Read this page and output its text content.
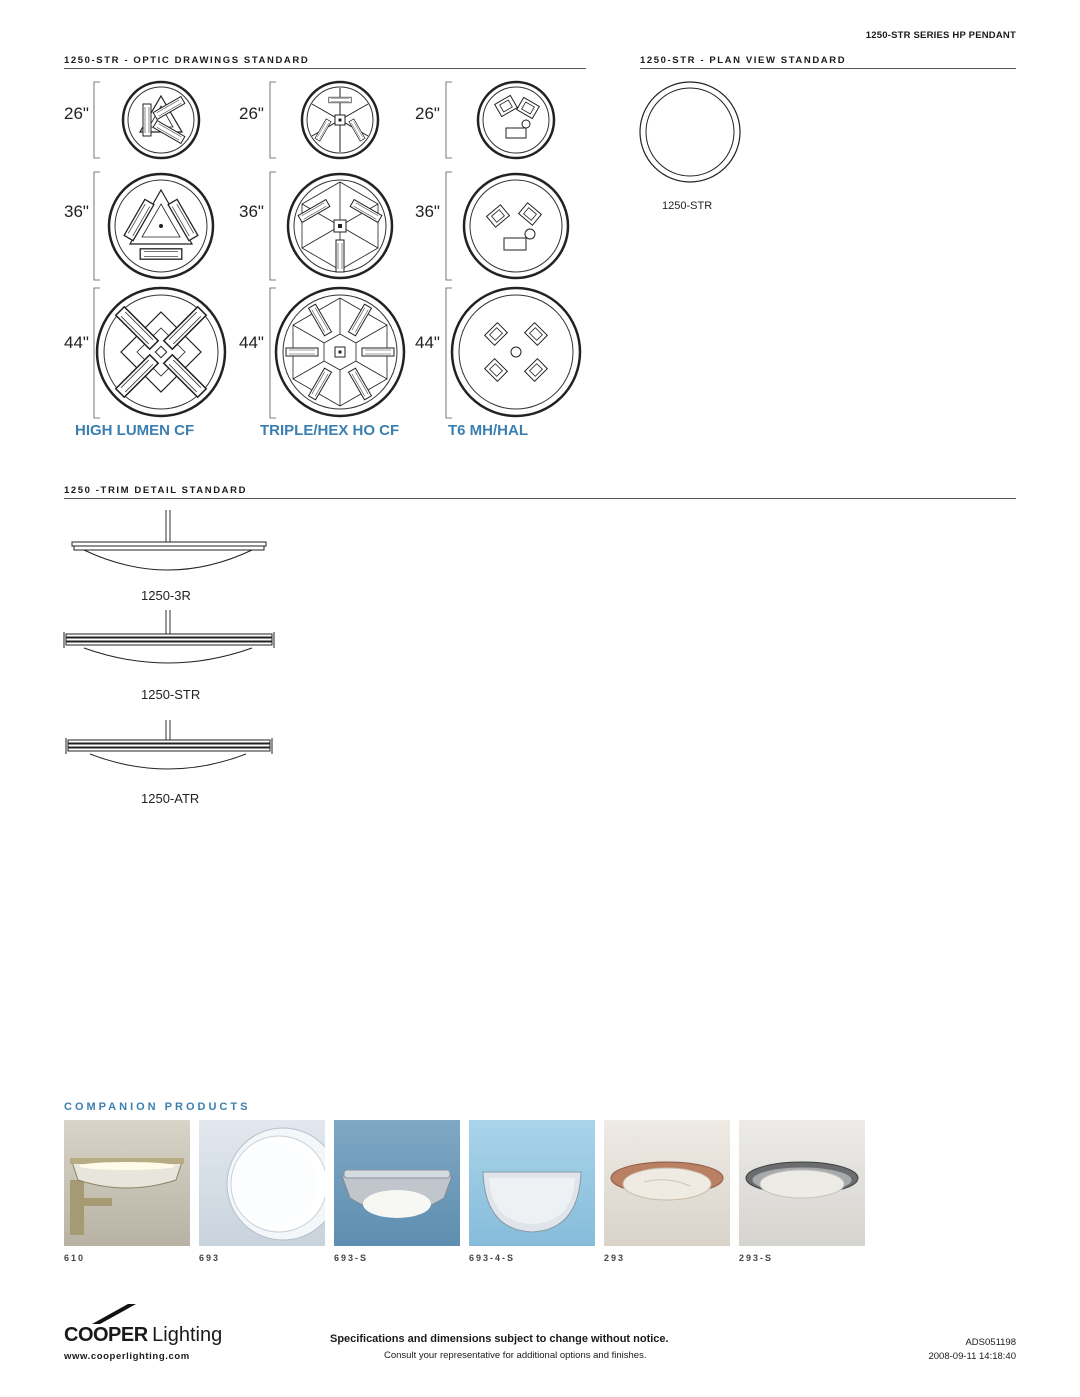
1250-STR SERIES HP PENDANT
1250-STR - OPTIC DRAWINGS STANDARD	1250-STR - PLAN VIEW STANDARD
26"	26"	26"
36"	36"	36"
44"	44"	44"
HIGH LUMEN CF	TRIPLE/HEX HO CF	T6 MH/HAL
1250-STR
1250 -TRIM DETAIL STANDARD
1250-3R
1250-STR
1250-ATR
COMPANION PRODUCTS
610	693	693-S	693-4-S	293	293-S
COOPER Lighting
www.cooperlighting.com
Specifications and dimensions subject to change without notice.
Consult your representative for additional options and finishes.
ADS051198
2008-09-11 14:18:40
